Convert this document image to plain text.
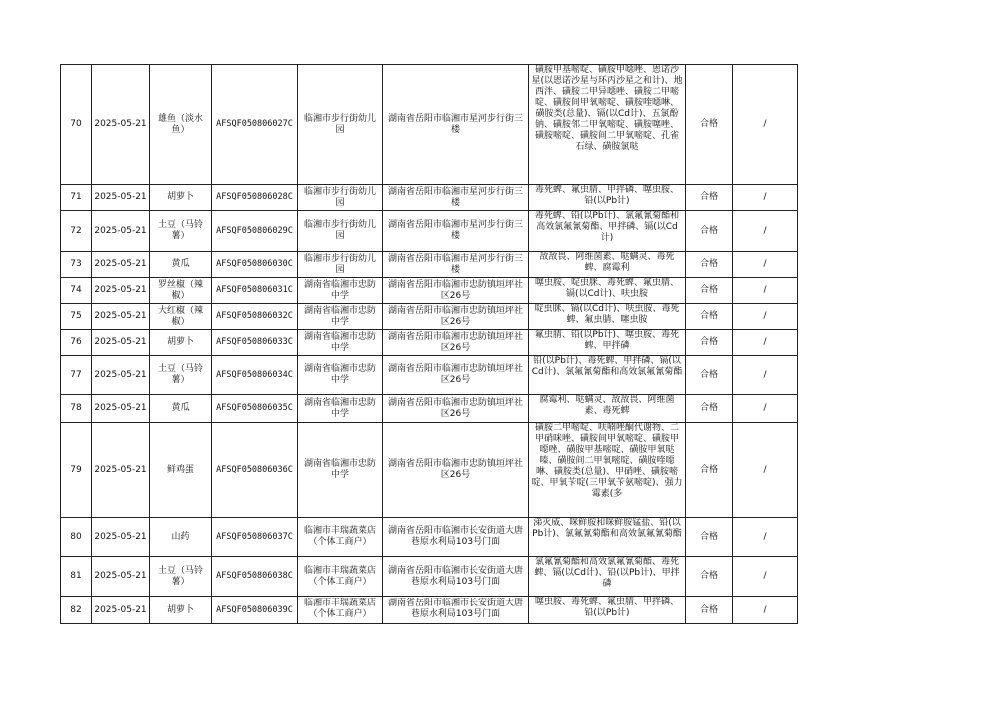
70	2025-05-21	雄鱼（淡水鱼）	AFSQF050806027C	临湘市步行街幼儿园	湖南省岳阳市临湘市星河步行街三楼	磺胺甲基嘧啶、磺胺甲噁唑、恩诺沙星(以恩诺沙星与环丙沙星之和计)、地西泮、磺胺二甲异噁唑、磺胺二甲嘧啶、磺胺间甲氧嘧啶、磺胺喹噁啉、磺胺类(总量)、镉(以Cd计)、五氯酚钠、磺胺邻二甲氧嘧啶、磺胺噻唑、磺胺嘧啶、磺胺间二甲氧嘧啶、孔雀石绿、磺胺氯哒	合格	/
71	2025-05-21	胡萝卜	AFSQF050806028C	临湘市步行街幼儿园	湖南省岳阳市临湘市星河步行街三楼	毒死蜱、氟虫腈、甲拌磷、噻虫胺、铅(以Pb计)	合格	/
72	2025-05-21	土豆（马铃薯）	AFSQF050806029C	临湘市步行街幼儿园	湖南省岳阳市临湘市星河步行街三楼	毒死蜱、铅(以Pb计)、氯氟氰菊酯和高效氯氟氰菊酯、甲拌磷、镉(以Cd计)	合格	/
73	2025-05-21	黄瓜	AFSQF050806030C	临湘市步行街幼儿园	湖南省岳阳市临湘市星河步行街三楼	敌敌畏、阿维菌素、哒螨灵、毒死蜱、腐霉利	合格	/
74	2025-05-21	罗丝椒（辣椒）	AFSQF050806031C	湖南省临湘市忠防中学	湖南省岳阳市临湘市忠防镇垣坪社区26号	噻虫胺、啶虫脒、毒死蜱、氟虫腈、镉(以Cd计)、呋虫胺	合格	/
75	2025-05-21	大红椒（辣椒）	AFSQF050806032C	湖南省临湘市忠防中学	湖南省岳阳市临湘市忠防镇垣坪社区26号	啶虫脒、镉(以Cd计)、呋虫胺、毒死蜱、氟虫腈、噻虫胺	合格	/
76	2025-05-21	胡萝卜	AFSQF050806033C	湖南省临湘市忠防中学	湖南省岳阳市临湘市忠防镇垣坪社区26号	氟虫腈、铅(以Pb计)、噻虫胺、毒死蜱、甲拌磷	合格	/
77	2025-05-21	土豆（马铃薯）	AFSQF050806034C	湖南省临湘市忠防中学	湖南省岳阳市临湘市忠防镇垣坪社区26号	铅(以Pb计)、毒死蜱、甲拌磷、镉(以Cd计)、氯氟氰菊酯和高效氯氟氰菊酯	合格	/
78	2025-05-21	黄瓜	AFSQF050806035C	湖南省临湘市忠防中学	湖南省岳阳市临湘市忠防镇垣坪社区26号	腐霉利、哒螨灵、敌敌畏、阿维菌素、毒死蜱	合格	/
79	2025-05-21	鲜鸡蛋	AFSQF050806036C	湖南省临湘市忠防中学	湖南省岳阳市临湘市忠防镇垣坪社区26号	磺胺二甲嘧啶、呋喃唑酮代谢物、二甲硝咪唑、磺胺间甲氧嘧啶、磺胺甲噁唑、磺胺甲基嘧啶、磺胺甲氧哒嗪、磺胺间二甲氧嘧啶、磺胺喹噁啉、磺胺类(总量)、甲硝唑、磺胺嘧啶、甲氧苄啶(三甲氧苄氨嘧啶)、强力霉素(多	合格	/
80	2025-05-21	山药	AFSQF050806037C	临湘市丰瑞蔬菜店（个体工商户）	湖南省岳阳市临湘市长安街道大唐巷原水利局103号门面	涕灭威、咪鲜胺和咪鲜胺锰盐、铅(以Pb计)、氯氟氰菊酯和高效氯氟氰菊酯	合格	/
81	2025-05-21	土豆（马铃薯）	AFSQF050806038C	临湘市丰瑞蔬菜店（个体工商户）	湖南省岳阳市临湘市长安街道大唐巷原水利局103号门面	氯氟氰菊酯和高效氯氟氰菊酯、毒死蜱、镉(以Cd计)、铅(以Pb计)、甲拌磷	合格	/
82	2025-05-21	胡萝卜	AFSQF050806039C	临湘市丰瑞蔬菜店（个体工商户）	湖南省岳阳市临湘市长安街道大唐巷原水利局103号门面	噻虫胺、毒死蜱、氟虫腈、甲拌磷、铅(以Pb计)	合格	/
